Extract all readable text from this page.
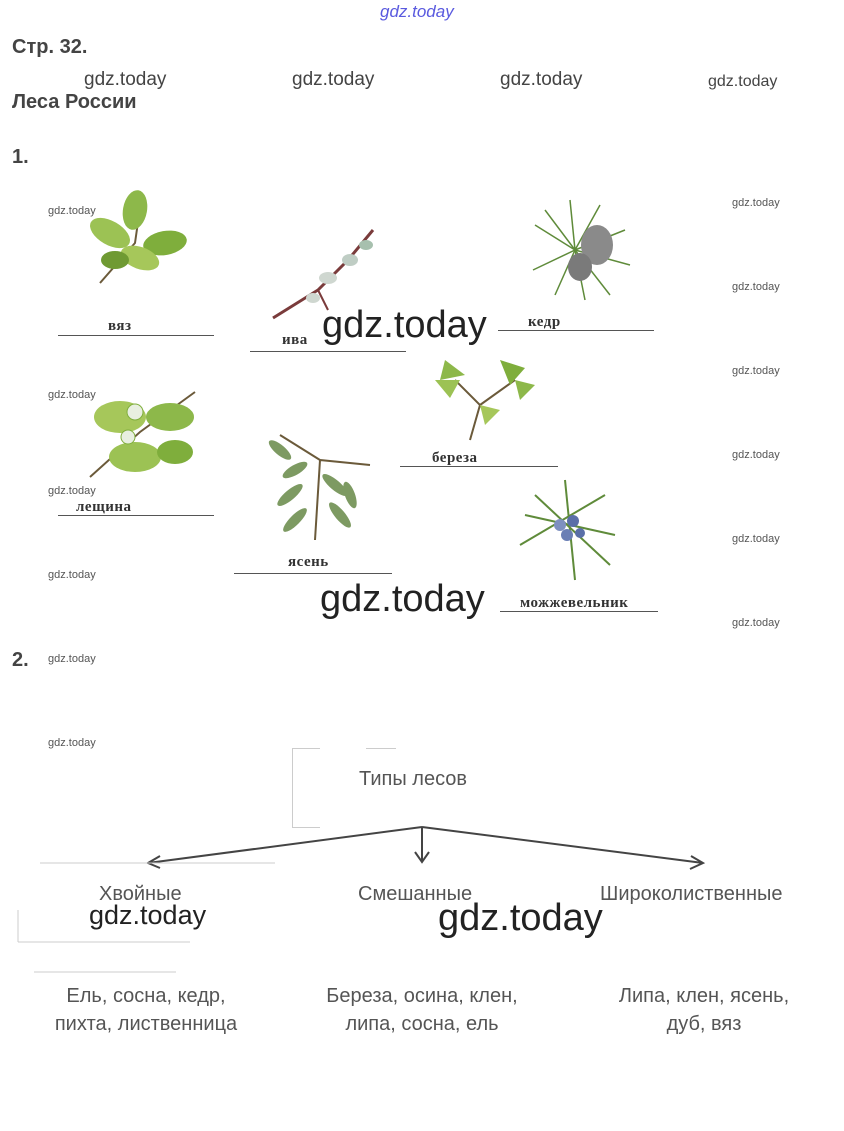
gdz.today
Стр. 32.
Леса России
gdz.today	gdz.today	gdz.today	gdz.today
1.
gdz.today
gdz.today
gdz.today
gdz.today
gdz.today
gdz.today
gdz.today
gdz.today
gdz.today
gdz.today
gdz.today
gdz.today
вяз
ива
кедр
лещина
береза
ясень
можжевельник
gdz.today
gdz.today
2.
Типы лесов
Хвойные	Смешанные	Широколиственные
gdz.today	gdz.today
Ель, сосна, кедр,
пихта, лиственница
Береза, осина, клен,
липа, сосна, ель
Липа, клен, ясень,
дуб, вяз
